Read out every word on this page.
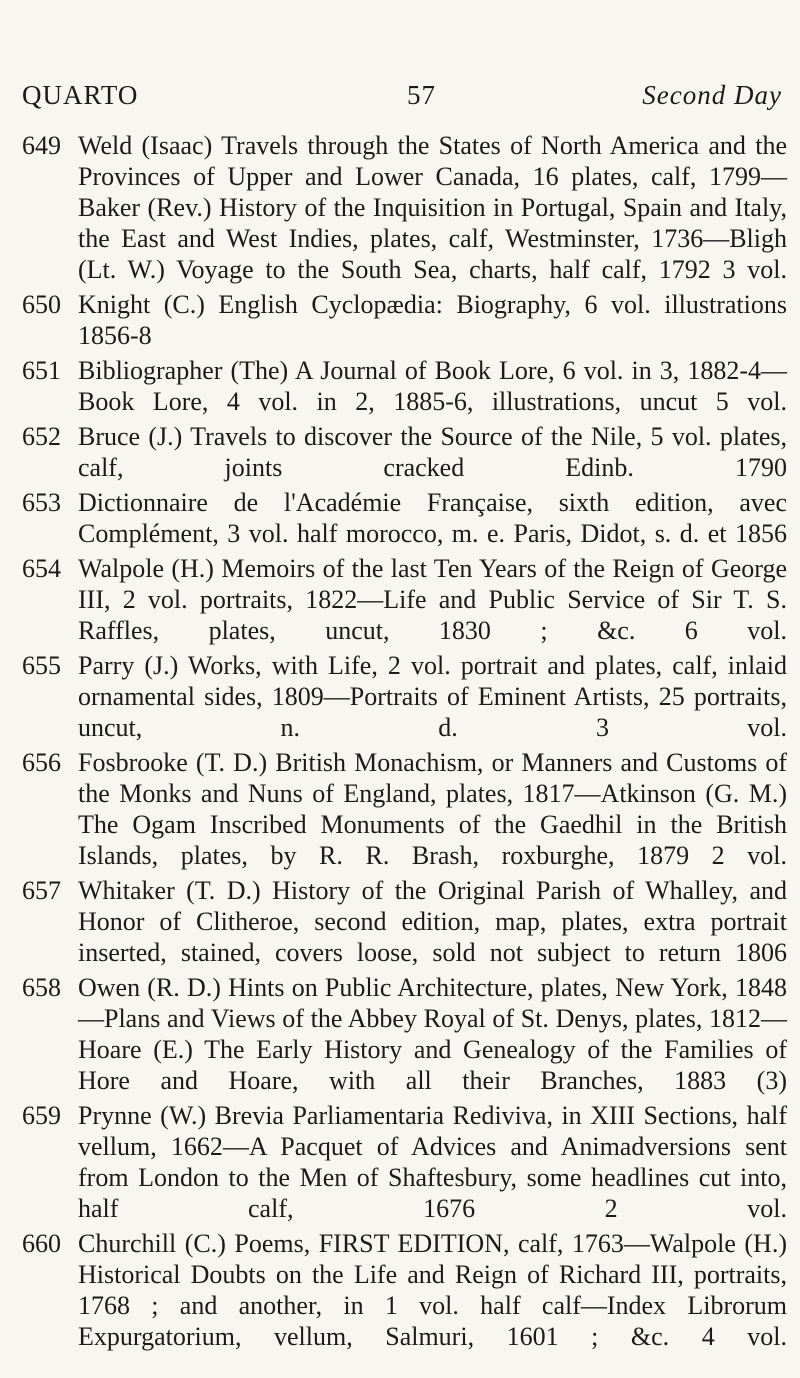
QUARTO	57	Second Day
649 Weld (Isaac) Travels through the States of North America and the Provinces of Upper and Lower Canada, 16 plates, calf, 1799—Baker (Rev.) History of the Inquisition in Portugal, Spain and Italy, the East and West Indies, plates, calf, Westminster, 1736—Bligh (Lt. W.) Voyage to the South Sea, charts, half calf, 1792 3 vol.
650 Knight (C.) English Cyclopædia: Biography, 6 vol. illustrations 1856-8
651 Bibliographer (The) A Journal of Book Lore, 6 vol. in 3, 1882-4—Book Lore, 4 vol. in 2, 1885-6, illustrations, uncut 5 vol.
652 Bruce (J.) Travels to discover the Source of the Nile, 5 vol. plates, calf, joints cracked Edinb. 1790
653 Dictionnaire de l'Académie Française, sixth edition, avec Complément, 3 vol. half morocco, m. e. Paris, Didot, s. d. et 1856
654 Walpole (H.) Memoirs of the last Ten Years of the Reign of George III, 2 vol. portraits, 1822—Life and Public Service of Sir T. S. Raffles, plates, uncut, 1830 ; &c. 6 vol.
655 Parry (J.) Works, with Life, 2 vol. portrait and plates, calf, inlaid ornamental sides, 1809—Portraits of Eminent Artists, 25 portraits, uncut, n. d. 3 vol.
656 Fosbrooke (T. D.) British Monachism, or Manners and Customs of the Monks and Nuns of England, plates, 1817—Atkinson (G. M.) The Ogam Inscribed Monuments of the Gaedhil in the British Islands, plates, by R. R. Brash, roxburghe, 1879 2 vol.
657 Whitaker (T. D.) History of the Original Parish of Whalley, and Honor of Clitheroe, second edition, map, plates, extra portrait inserted, stained, covers loose, sold not subject to return 1806
658 Owen (R. D.) Hints on Public Architecture, plates, New York, 1848—Plans and Views of the Abbey Royal of St. Denys, plates, 1812—Hoare (E.) The Early History and Genealogy of the Families of Hore and Hoare, with all their Branches, 1883 (3)
659 Prynne (W.) Brevia Parliamentaria Rediviva, in XIII Sections, half vellum, 1662—A Pacquet of Advices and Animadversions sent from London to the Men of Shaftesbury, some headlines cut into, half calf, 1676 2 vol.
660 Churchill (C.) Poems, FIRST EDITION, calf, 1763—Walpole (H.) Historical Doubts on the Life and Reign of Richard III, portraits, 1768 ; and another, in 1 vol. half calf—Index Librorum Expurgatorium, vellum, Salmuri, 1601 ; &c. 4 vol.
